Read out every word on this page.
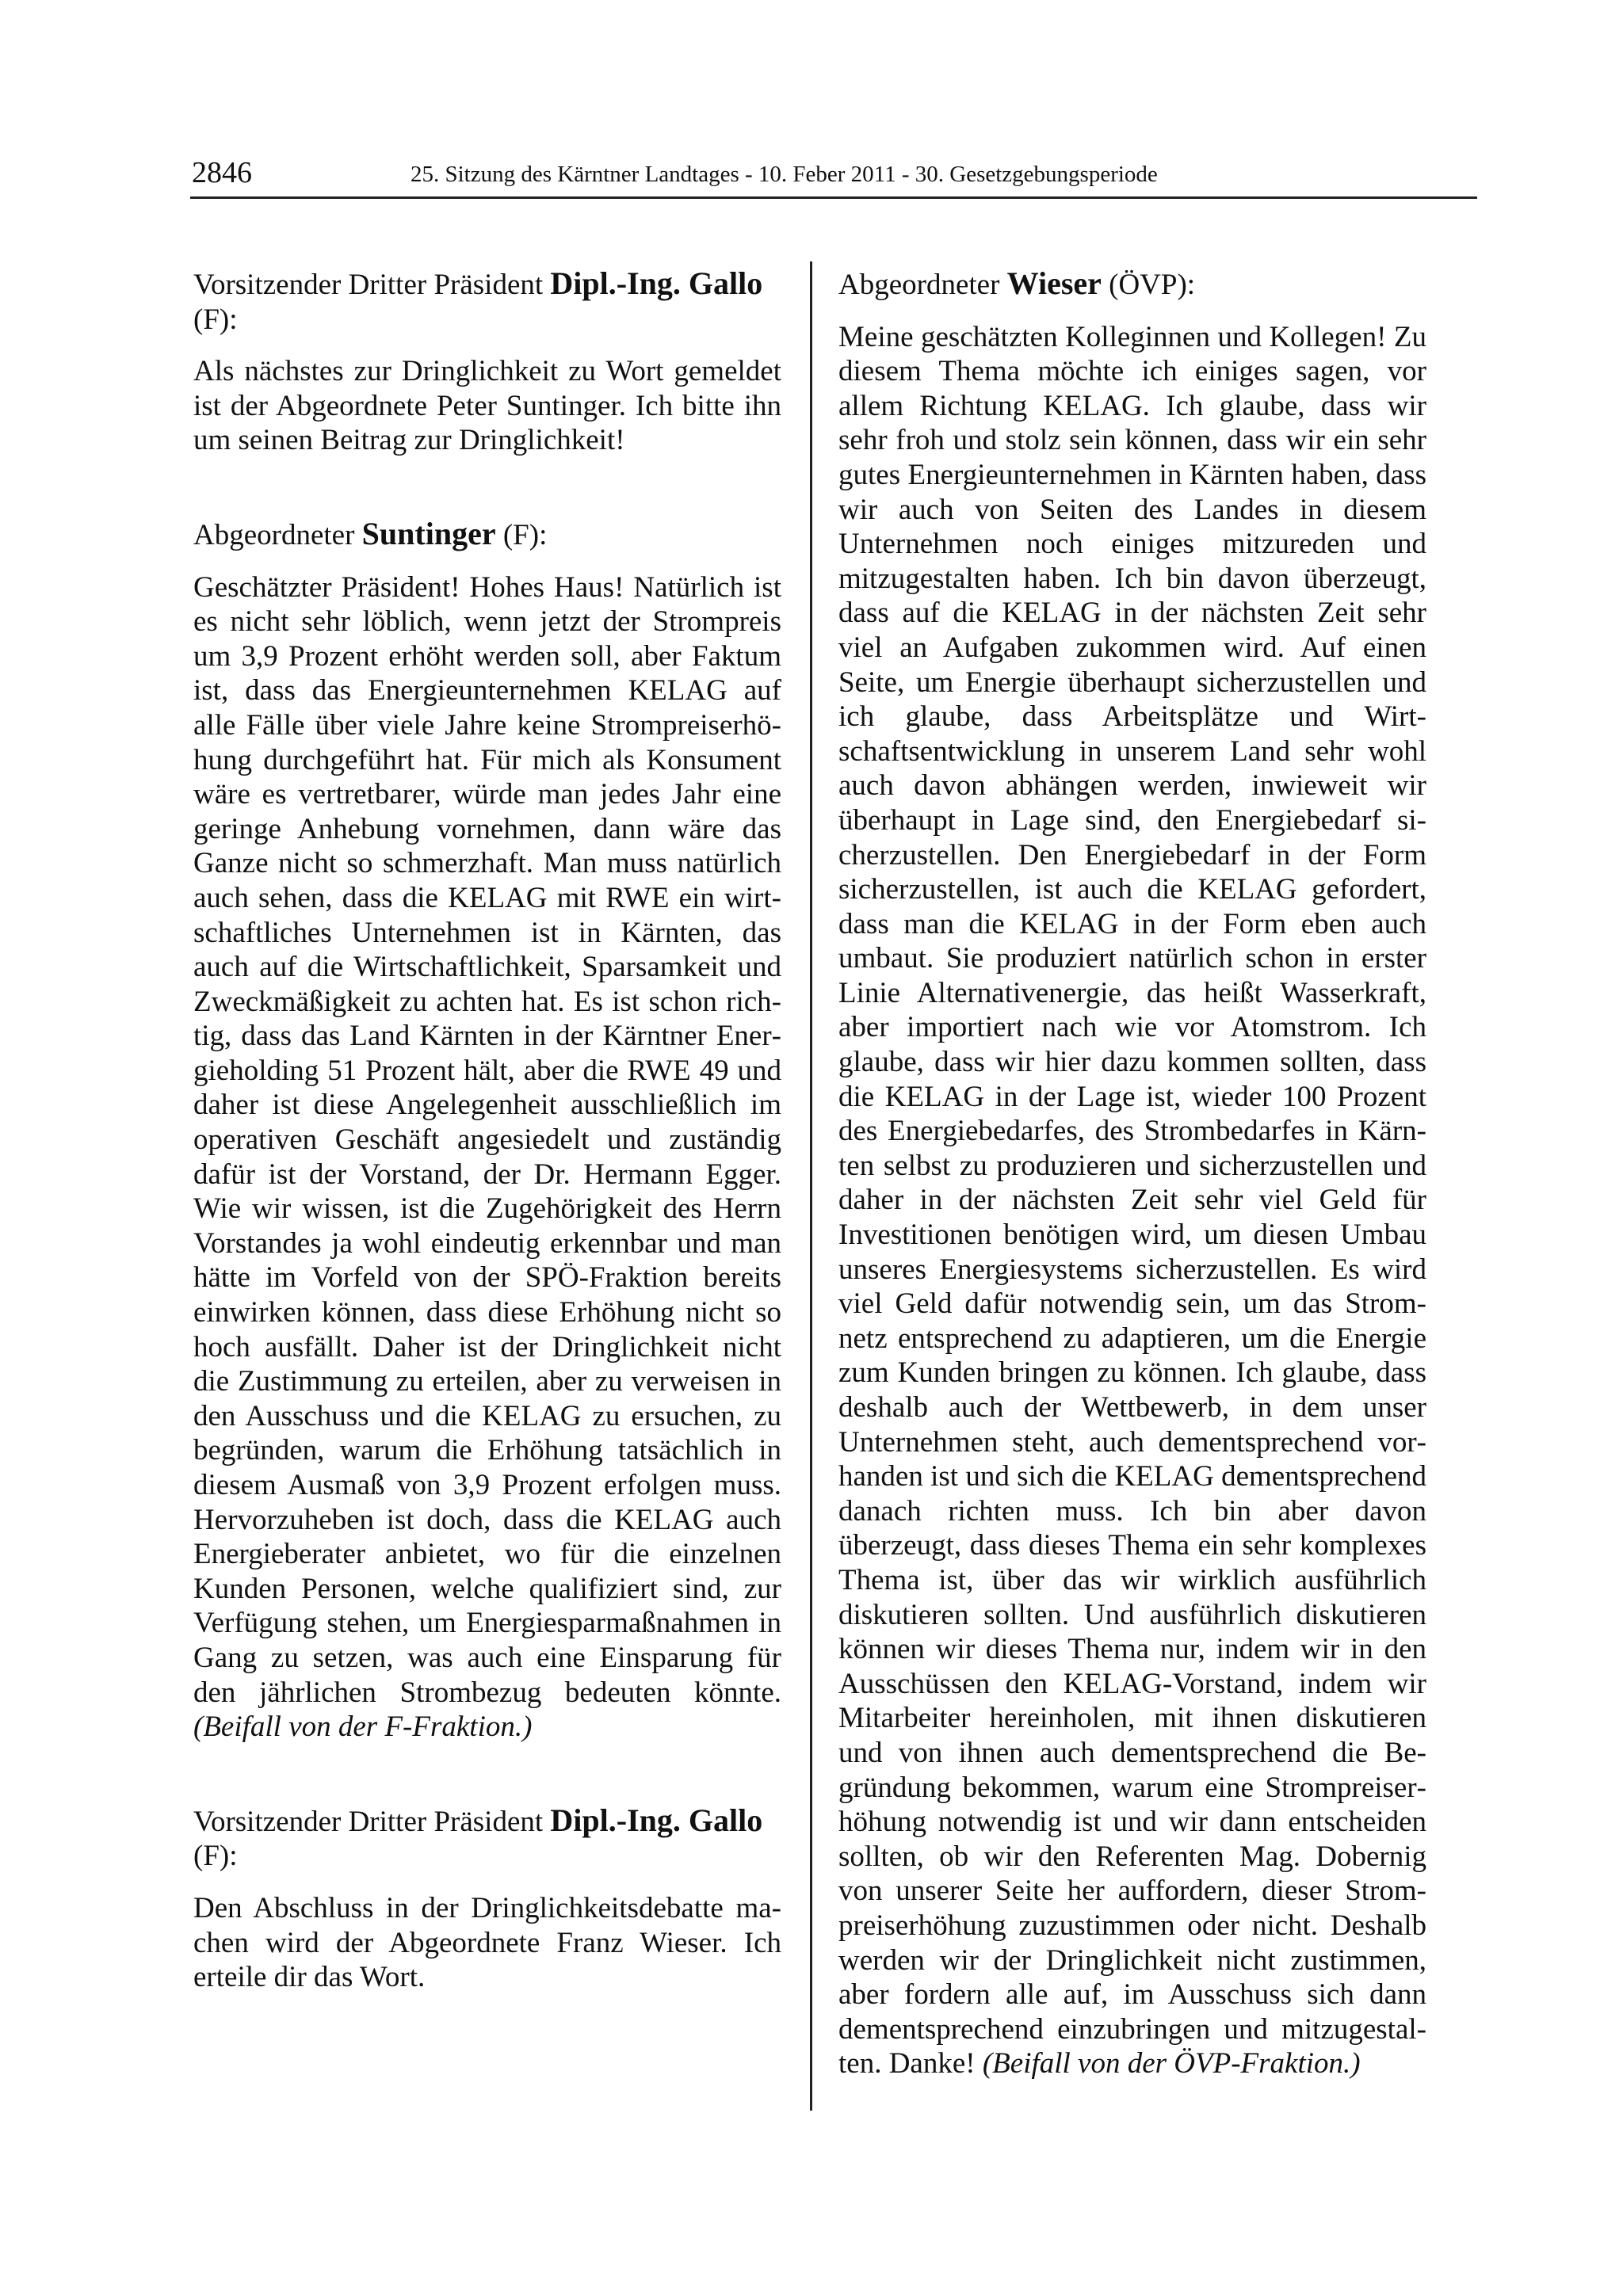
2846	25. Sitzung des Kärntner Landtages - 10. Feber 2011 - 30. Gesetzgebungsperiode

Vorsitzender Dritter Präsident Dipl.-Ing. Gallo (F):

Als nächstes zur Dringlichkeit zu Wort gemeldet ist der Abgeordnete Peter Suntinger. Ich bitte ihn um seinen Beitrag zur Dringlichkeit!

Abgeordneter Suntinger (F):

Geschätzter Präsident! Hohes Haus! Natürlich ist es nicht sehr löblich, wenn jetzt der Strompreis um 3,9 Prozent erhöht werden soll, aber Faktum ist, dass das Energieunternehmen KELAG auf alle Fälle über viele Jahre keine Strompreiserhöhung durchgeführt hat. Für mich als Konsument wäre es vertretbarer, würde man jedes Jahr eine geringe Anhebung vornehmen, dann wäre das Ganze nicht so schmerzhaft. Man muss natürlich auch sehen, dass die KELAG mit RWE ein wirtschaftliches Unternehmen ist in Kärnten, das auch auf die Wirtschaftlichkeit, Sparsamkeit und Zweckmäßigkeit zu achten hat. Es ist schon richtig, dass das Land Kärnten in der Kärntner Energieholding 51 Prozent hält, aber die RWE 49 und daher ist diese Angelegenheit ausschließlich im operativen Geschäft angesiedelt und zuständig dafür ist der Vorstand, der Dr. Hermann Egger. Wie wir wissen, ist die Zugehörigkeit des Herrn Vorstandes ja wohl eindeutig erkennbar und man hätte im Vorfeld von der SPÖ-Fraktion bereits einwirken können, dass diese Erhöhung nicht so hoch ausfällt. Daher ist der Dringlichkeit nicht die Zustimmung zu erteilen, aber zu verweisen in den Ausschuss und die KELAG zu ersuchen, zu begründen, warum die Erhöhung tatsächlich in diesem Ausmaß von 3,9 Prozent erfolgen muss. Hervorzuheben ist doch, dass die KELAG auch Energieberater anbietet, wo für die einzelnen Kunden Personen, welche qualifiziert sind, zur Verfügung stehen, um Energiesparmaßnahmen in Gang zu setzen, was auch eine Einsparung für den jährlichen Strombezug bedeuten könnte. (Beifall von der F-Fraktion.)

Vorsitzender Dritter Präsident Dipl.-Ing. Gallo (F):

Den Abschluss in der Dringlichkeitsdebatte machen wird der Abgeordnete Franz Wieser. Ich erteile dir das Wort.

Abgeordneter Wieser (ÖVP):

Meine geschätzten Kolleginnen und Kollegen! Zu diesem Thema möchte ich einiges sagen, vor allem Richtung KELAG. Ich glaube, dass wir sehr froh und stolz sein können, dass wir ein sehr gutes Energieunternehmen in Kärnten haben, dass wir auch von Seiten des Landes in diesem Unternehmen noch einiges mitzureden und mitzugestalten haben. Ich bin davon überzeugt, dass auf die KELAG in der nächsten Zeit sehr viel an Aufgaben zukommen wird. Auf einen Seite, um Energie überhaupt sicherzustellen und ich glaube, dass Arbeitsplätze und Wirtschaftsentwicklung in unserem Land sehr wohl auch davon abhängen werden, inwieweit wir überhaupt in Lage sind, den Energiebedarf sicherzustellen. Den Energiebedarf in der Form sicherzustellen, ist auch die KELAG gefordert, dass man die KELAG in der Form eben auch umbaut. Sie produziert natürlich schon in erster Linie Alternativenergie, das heißt Wasserkraft, aber importiert nach wie vor Atomstrom. Ich glaube, dass wir hier dazu kommen sollten, dass die KELAG in der Lage ist, wieder 100 Prozent des Energiebedarfes, des Strombedarfes in Kärnten selbst zu produzieren und sicherzustellen und daher in der nächsten Zeit sehr viel Geld für Investitionen benötigen wird, um diesen Umbau unseres Energiesystems sicherzustellen. Es wird viel Geld dafür notwendig sein, um das Stromnetz entsprechend zu adaptieren, um die Energie zum Kunden bringen zu können. Ich glaube, dass deshalb auch der Wettbewerb, in dem unser Unternehmen steht, auch dementsprechend vorhanden ist und sich die KELAG dementsprechend danach richten muss. Ich bin aber davon überzeugt, dass dieses Thema ein sehr komplexes Thema ist, über das wir wirklich ausführlich diskutieren sollten. Und ausführlich diskutieren können wir dieses Thema nur, indem wir in den Ausschüssen den KELAG-Vorstand, indem wir Mitarbeiter hereinholen, mit ihnen diskutieren und von ihnen auch dementsprechend die Begründung bekommen, warum eine Strompreiserhöhung notwendig ist und wir dann entscheiden sollten, ob wir den Referenten Mag. Dobernig von unserer Seite her auffordern, dieser Strompreiserhöhung zuzustimmen oder nicht. Deshalb werden wir der Dringlichkeit nicht zustimmen, aber fordern alle auf, im Ausschuss sich dann dementsprechend einzubringen und mitzugestalten. Danke! (Beifall von der ÖVP-Fraktion.)
